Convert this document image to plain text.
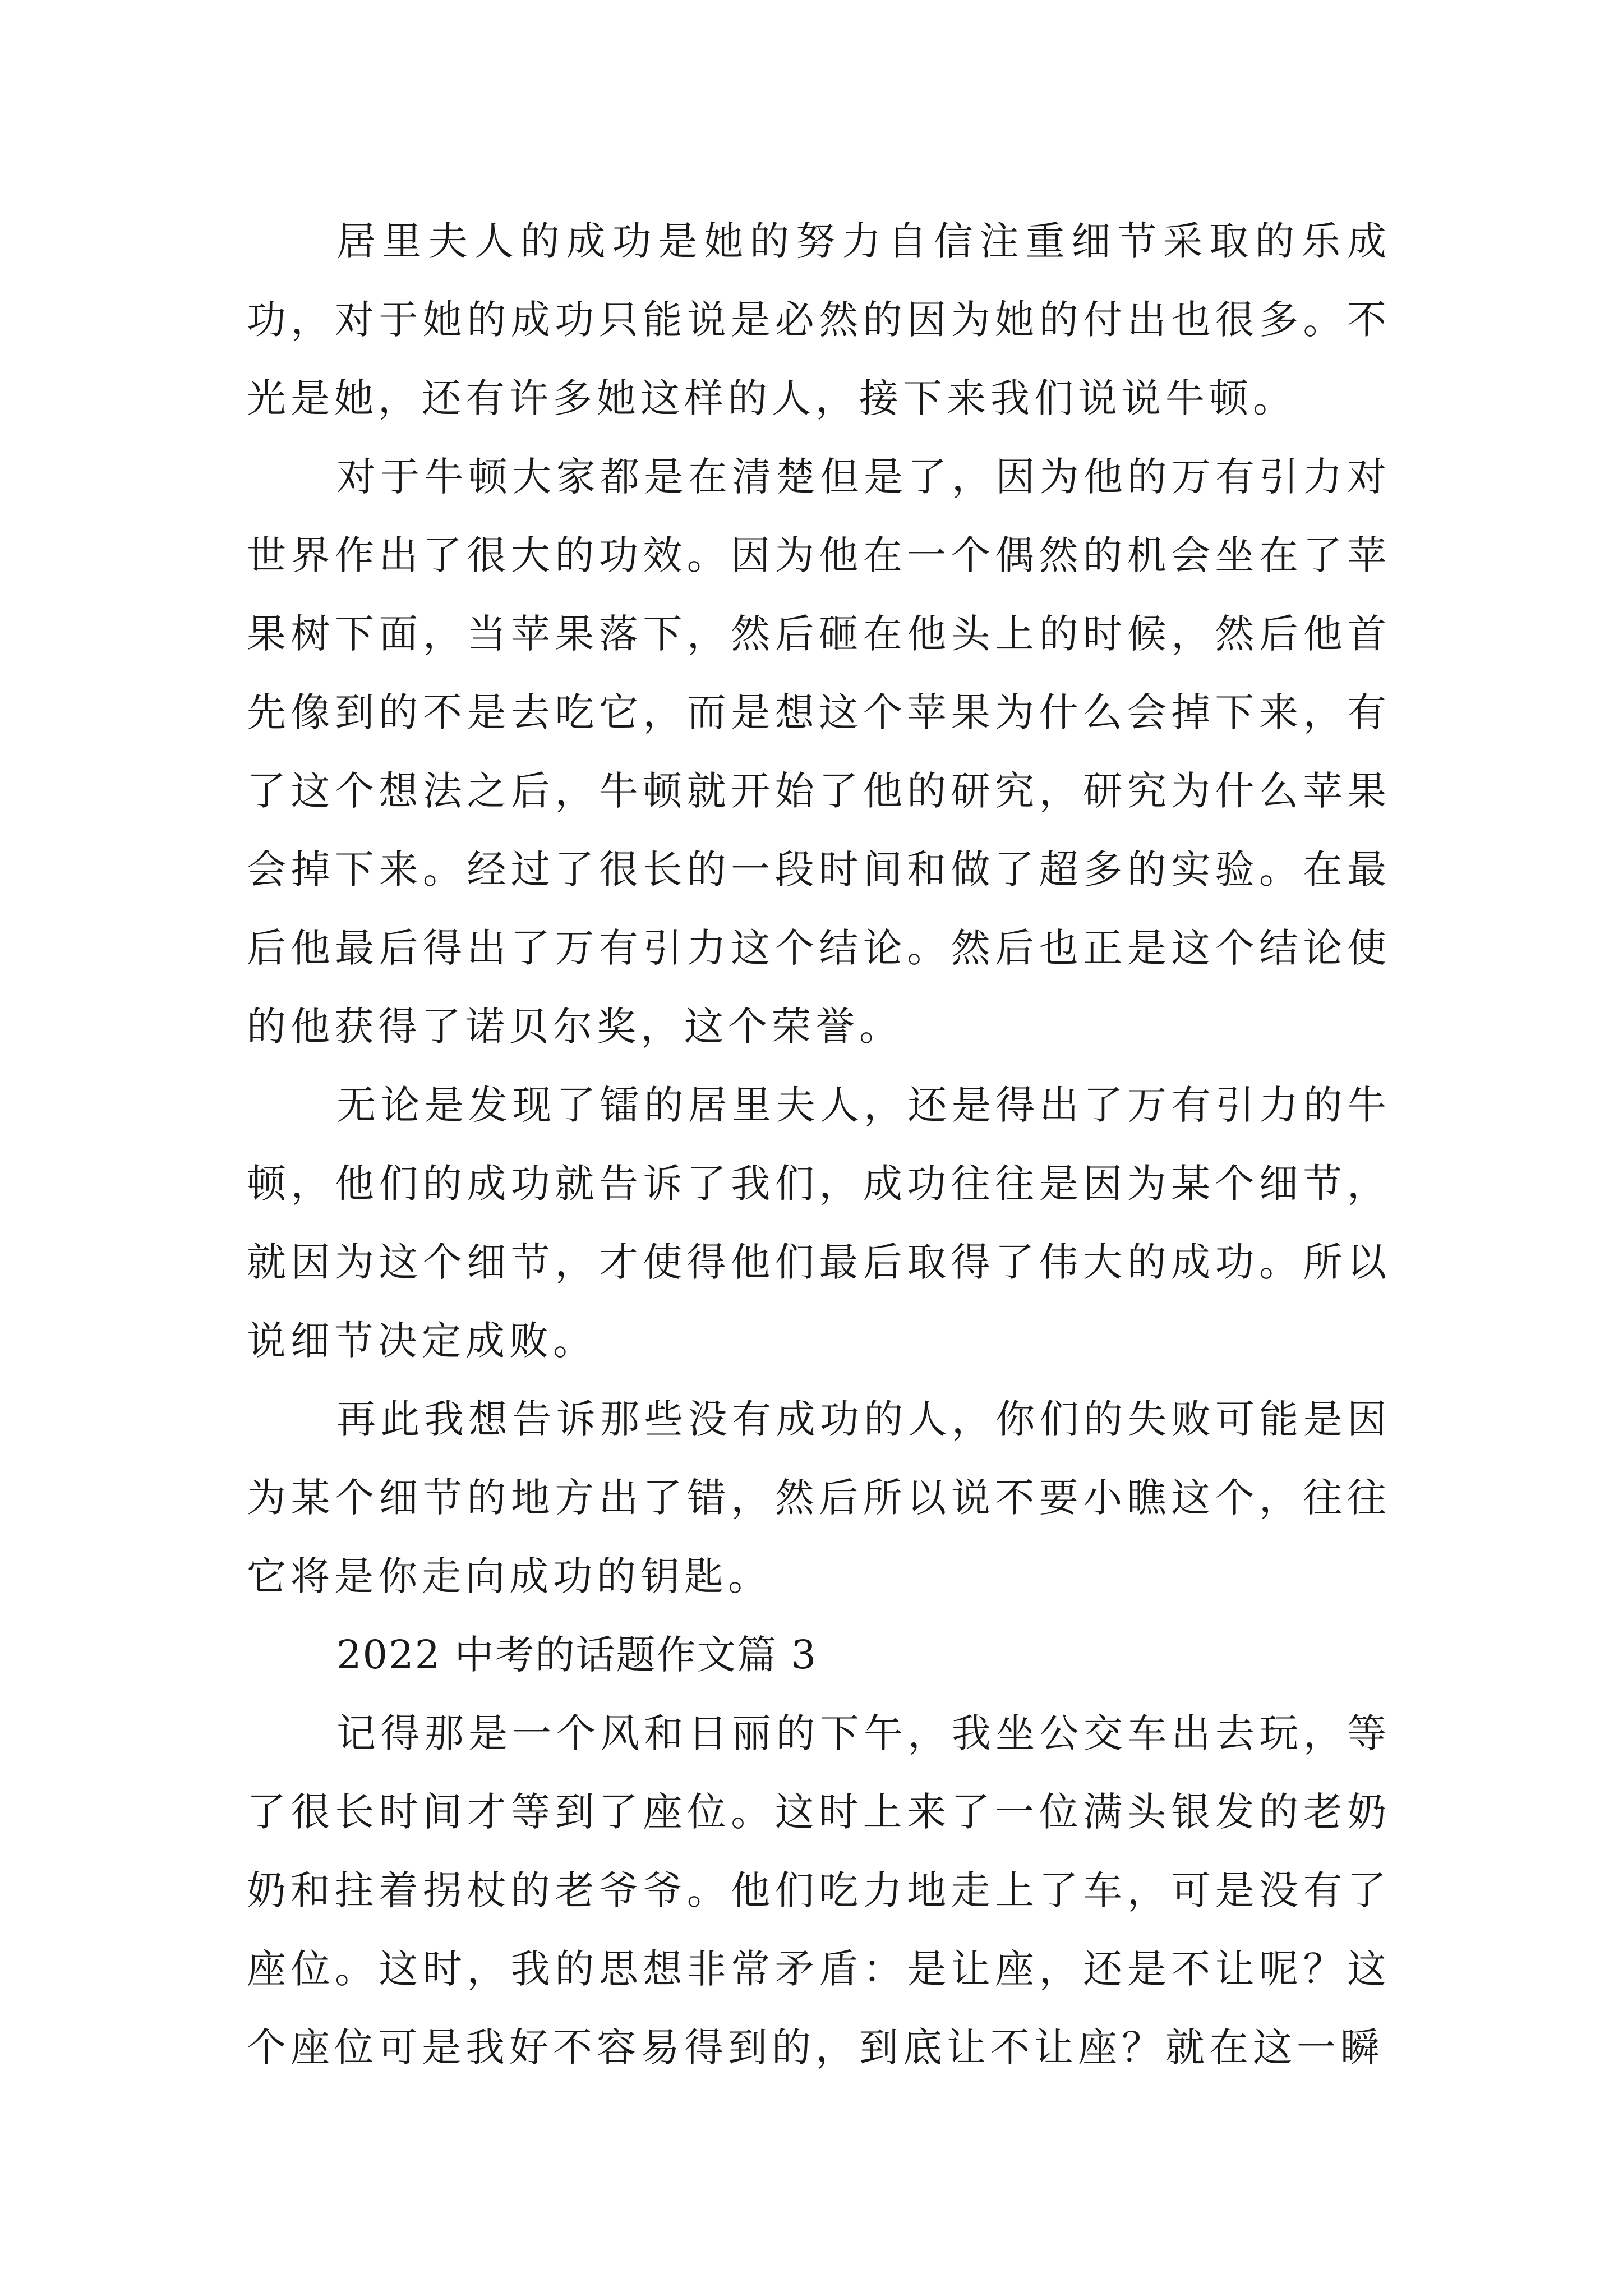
居里夫人的成功是她的努力自信注重细节采取的乐成功，对于她的成功只能说是必然的因为她的付出也很多。不光是她，还有许多她这样的人，接下来我们说说牛顿。

对于牛顿大家都是在清楚但是了，因为他的万有引力对世界作出了很大的功效。因为他在一个偶然的机会坐在了苹果树下面，当苹果落下，然后砸在他头上的时候，然后他首先像到的不是去吃它，而是想这个苹果为什么会掉下来，有了这个想法之后，牛顿就开始了他的研究，研究为什么苹果会掉下来。经过了很长的一段时间和做了超多的实验。在最后他最后得出了万有引力这个结论。然后也正是这个结论使的他获得了诺贝尔奖，这个荣誉。

无论是发现了镭的居里夫人，还是得出了万有引力的牛顿，他们的成功就告诉了我们，成功往往是因为某个细节，就因为这个细节，才使得他们最后取得了伟大的成功。所以说细节决定成败。

再此我想告诉那些没有成功的人，你们的失败可能是因为某个细节的地方出了错，然后所以说不要小瞧这个，往往它将是你走向成功的钥匙。

2022 中考的话题作文篇 3

记得那是一个风和日丽的下午，我坐公交车出去玩，等了很长时间才等到了座位。这时上来了一位满头银发的老奶奶和拄着拐杖的老爷爷。他们吃力地走上了车，可是没有了座位。这时，我的思想非常矛盾：是让座，还是不让呢？这个座位可是我好不容易得到的，到底让不让座？就在这一瞬
